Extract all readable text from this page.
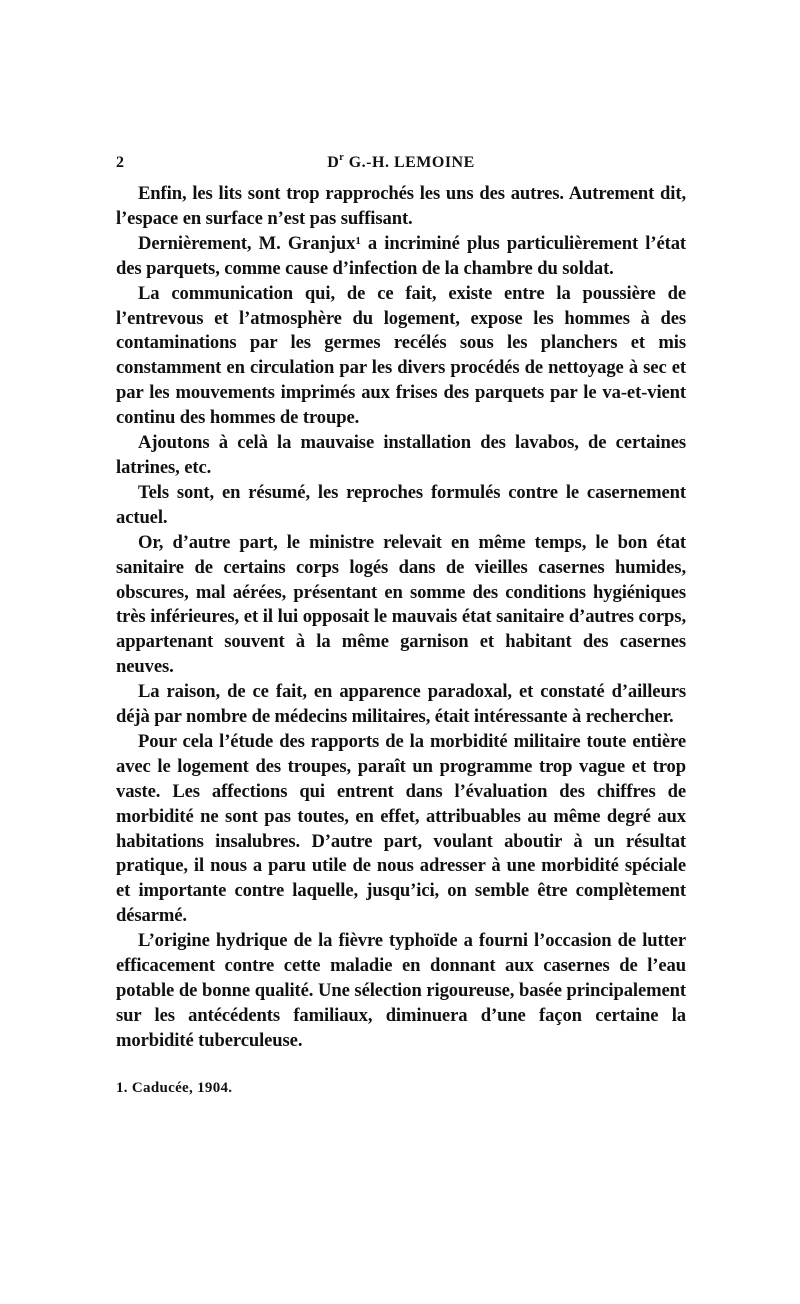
2	$D^r$ G.-H. LEMOINE

Enfin, les lits sont trop rapprochés les uns des autres. Autrement dit, l’espace en surface n’est pas suffisant.

Dernièrement, M. Granjux$^1$ a incriminé plus particulièrement l’état des parquets, comme cause d’infection de la chambre du soldat.

La communication qui, de ce fait, existe entre la poussière de l’entrevous et l’atmosphère du logement, expose les hommes à des contaminations par les germes recélés sous les planchers et mis constamment en circulation par les divers procédés de nettoyage à sec et par les mouvements imprimés aux frises des parquets par le va-et-vient continu des hommes de troupe.

Ajoutons à celà la mauvaise installation des lavabos, de certaines latrines, etc.

Tels sont, en résumé, les reproches formulés contre le casernement actuel.

Or, d’autre part, le ministre relevait en même temps, le bon état sanitaire de certains corps logés dans de vieilles casernes humides, obscures, mal aérées, présentant en somme des conditions hygiéniques très inférieures, et il lui opposait le mauvais état sanitaire d’autres corps, appartenant souvent à la même garnison et habitant des casernes neuves.

La raison, de ce fait, en apparence paradoxal, et constaté d’ailleurs déjà par nombre de médecins militaires, était intéressante à rechercher.

Pour cela l’étude des rapports de la morbidité militaire toute entière avec le logement des troupes, paraît un programme trop vague et trop vaste. Les affections qui entrent dans l’évaluation des chiffres de morbidité ne sont pas toutes, en effet, attribuables au même degré aux habitations insalubres. D’autre part, voulant aboutir à un résultat pratique, il nous a paru utile de nous adresser à une morbidité spéciale et importante contre laquelle, jusqu’ici, on semble être complètement désarmé.

L’origine hydrique de la fièvre typhoïde a fourni l’occasion de lutter efficacement contre cette maladie en donnant aux casernes de l’eau potable de bonne qualité. Une sélection rigoureuse, basée principalement sur les antécédents familiaux, diminuera d’une façon certaine la morbidité tuberculeuse.

1. Caducée, 1904.
